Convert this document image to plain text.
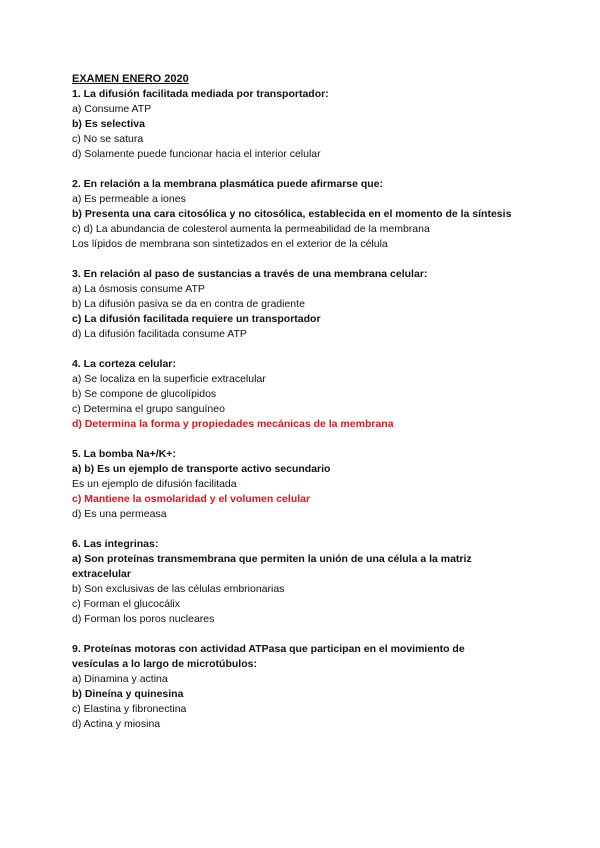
EXAMEN ENERO 2020
1. La difusión facilitada mediada por transportador:
a) Consume ATP
b) Es selectiva
c) No se satura
d) Solamente puede funcionar hacia el interior celular
2. En relación a la membrana plasmática puede afirmarse que:
a) Es permeable a iones
b) Presenta una cara citosólica y no citosólica, establecida en el momento de la síntesis
c) d) La abundancia de colesterol aumenta la permeabilidad de la membrana
Los lípidos de membrana son sintetizados en el exterior de la célula
3. En relación al paso de sustancias a través de una membrana celular:
a) La ósmosis consume ATP
b) La difusión pasiva se da en contra de gradiente
c) La difusión facilitada requiere un transportador
d) La difusión facilitada consume ATP
4. La corteza celular:
a) Se localiza en la superficie extracelular
b) Se compone de glucolípidos
c) Determina el grupo sanguíneo
d) Determina la forma y propiedades mecánicas de la membrana
5. La bomba Na+/K+:
a) b) Es un ejemplo de transporte activo secundario
Es un ejemplo de difusión facilitada
c) Mantiene la osmolaridad y el volumen celular
d) Es una permeasa
6. Las integrinas:
a) Son proteínas transmembrana que permiten la unión de una célula a la matriz extracelular
b) Son exclusivas de las células embrionarias
c) Forman el glucocálix
d) Forman los poros nucleares
9. Proteínas motoras con actividad ATPasa que participan en el movimiento de vesículas a lo largo de microtúbulos:
a) Dinamina y actina
b) Dineína y quinesina
c) Elastina y fibronectina
d) Actina y miosina
